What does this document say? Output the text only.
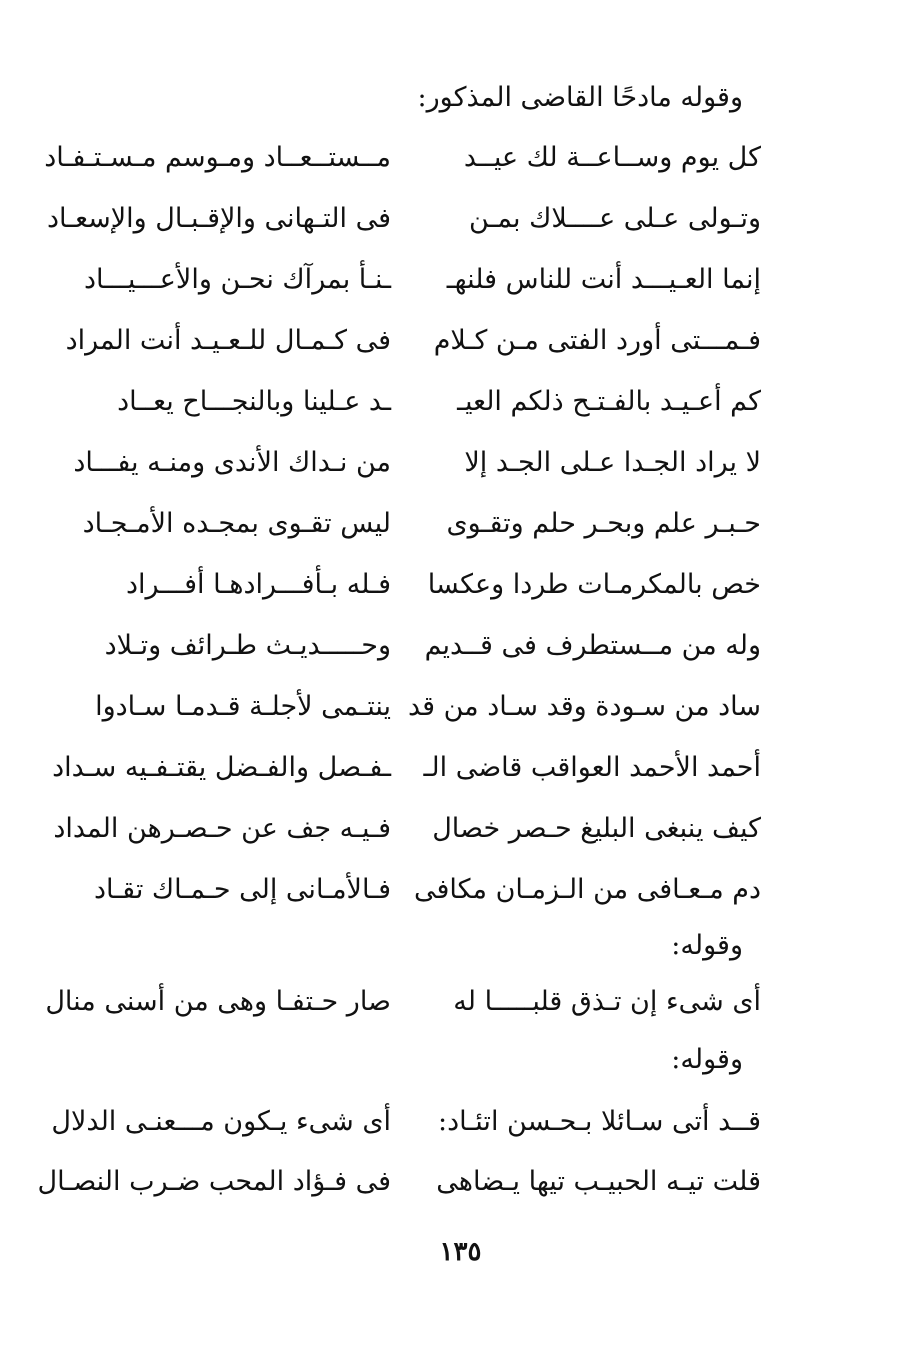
وقوله مادحًا القاضى المذكور:
كل يوم وســاعــة لك عيــد
مــستــعــاد ومـوسم مـسـتـفـاد
وتـولى عـلى عــــلاك بمـن
فى التـهانى والإقـبـال والإسعـاد
إنما العـيـــد أنت للناس فلنهـ
ـنـأ بمرآك نحـن والأعـــيـــاد
فـمـــتى أورد الفتى مـن كـلام
فى كـمـال للـعـيـد أنت المراد
كم أعـيـد بالفـتـح ذلكم العيـ
ـد عـلينا وبالنجـــاح يعــاد
لا يراد الجـدا عـلى الجـد إلا
من نـداك الأندى ومنـه يفـــاد
حـبـر علم وبحـر حلم وتقـوى
ليس تقـوى بمجـده الأمـجـاد
خص بالمكرمـات طردا وعكسا
فـله بـأفـــرادهـا أفـــراد
وله من مــستطرف فى قــديم
وحـــــديـث طـرائف وتـلاد
ساد من سـودة وقد سـاد من قد
ينتـمى لأجلـة قـدمـا سـادوا
أحمد الأحمد العواقب قاضى الـ
ـفـصل والفـضل يقتـفـيه سـداد
كيف ينبغى البليغ حـصر خصال
فـيـه جف عن حـصـرهن المداد
دم مـعـافى من الـزمـان مكافى
فـالأمـانى إلى حـمـاك تقـاد
وقوله:
أى شىء إن تـذق قلبـــــا له
صار حـتفـا وهى من أسنى منال
وقوله:
قــد أتى سـائلا بـحـسن اتئـاد:
أى شىء يـكون مـــعنـى الدلال
قلت تيـه الحبيـب تيها يـضاهى
فى فـؤاد المحب ضـرب النصـال
١٣٥
